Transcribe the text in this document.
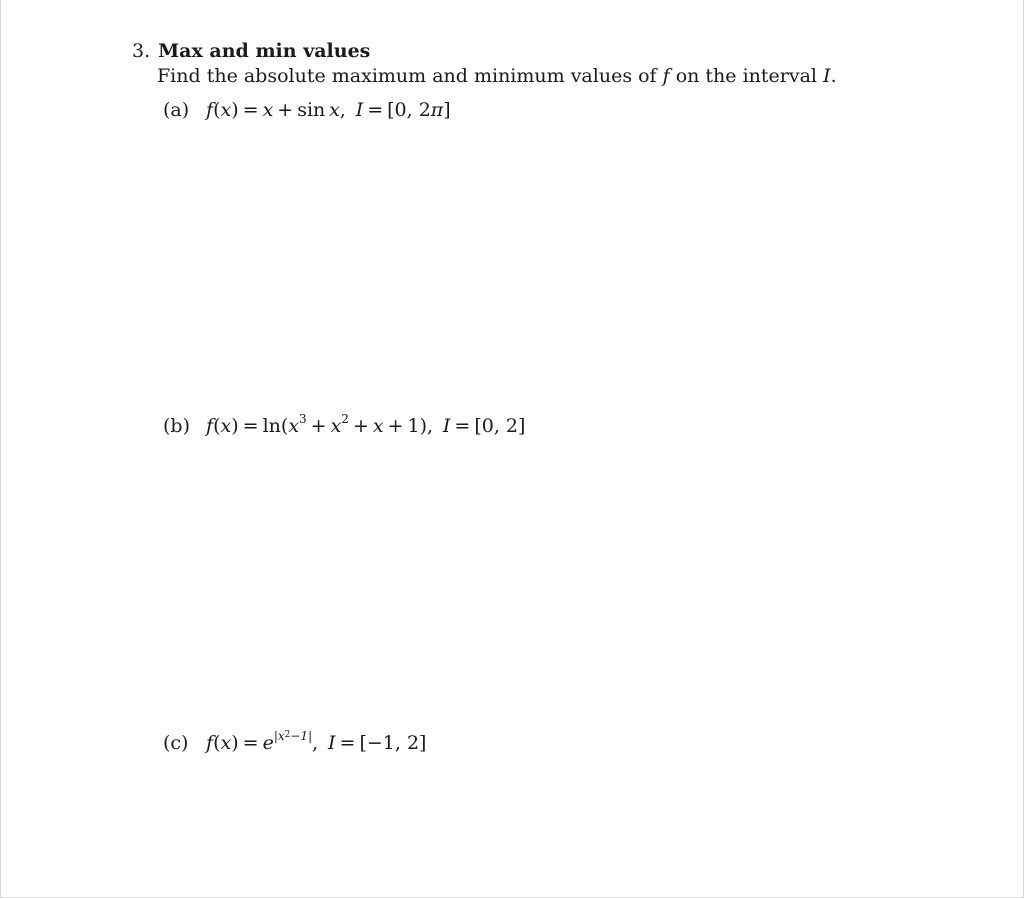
3. Max and min values
Find the absolute maximum and minimum values of f on the interval I.
(a) f(x) = x + sin x,   I = [0, 2π]
(b) $f(x) = \ln(x^3 + x^2 + x + 1)$,   I = [0, 2]
(c) $f(x) = e^{|x^2-1|}$,   I = [−1, 2]
